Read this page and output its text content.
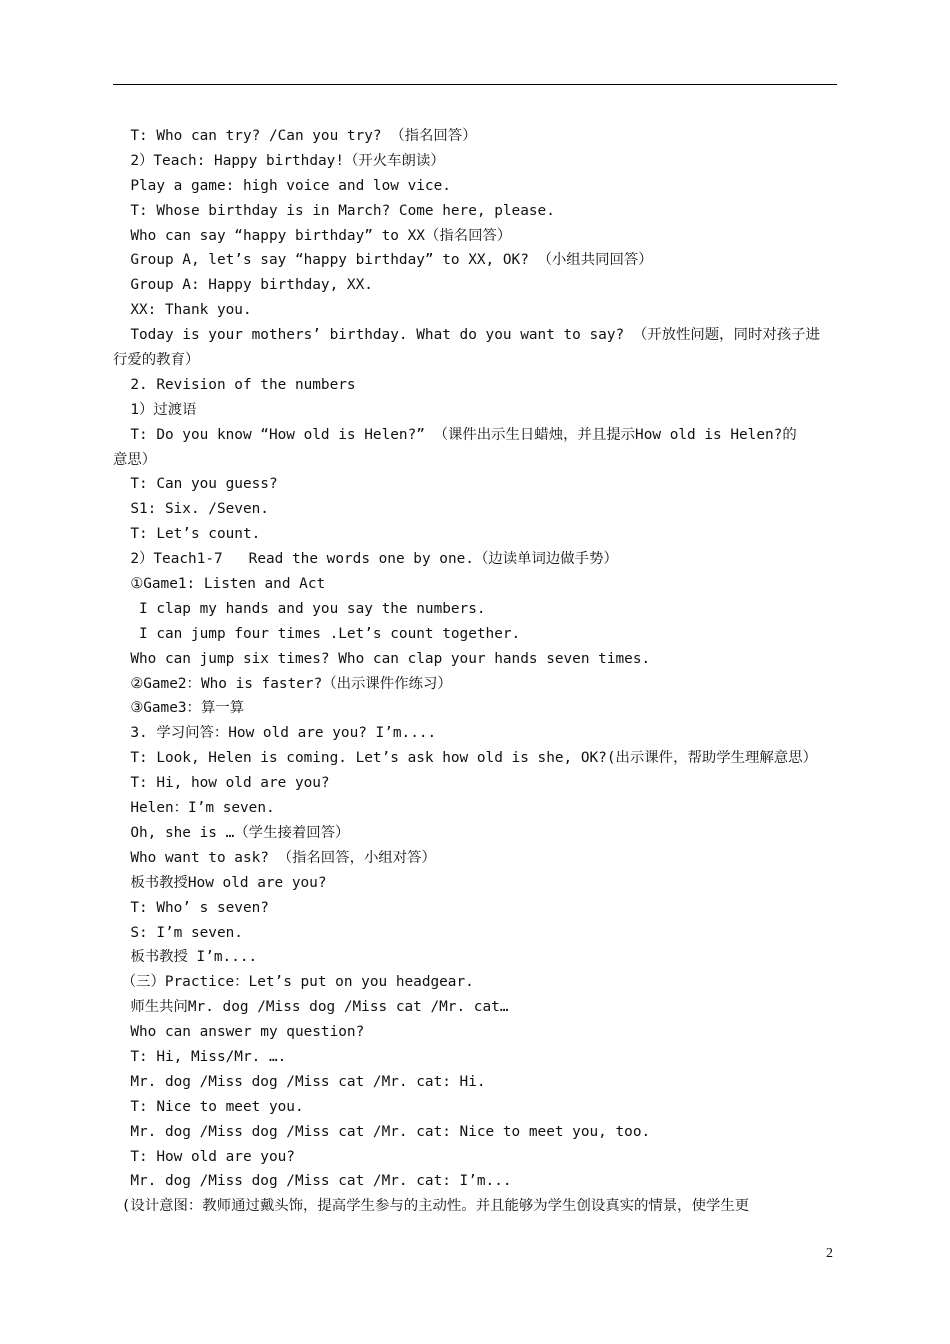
T: Who can try? /Can you try? （指名回答）
2）Teach: Happy birthday!（开火车朗读）
Play a game: high voice and low vice.
T: Whose birthday is in March? Come here, please.
Who can say “happy birthday” to XX（指名回答）
Group A, let’s say “happy birthday” to XX, OK? （小组共同回答）
Group A: Happy birthday, XX.
XX: Thank you.
Today is your mothers’ birthday. What do you want to say? （开放性问题，同时对孩子进
行爱的教育）
2. Revision of the numbers
1）过渡语
T: Do you know “How old is Helen?” （课件出示生日蜡烛，并且提示How old is Helen?的
意思）
T: Can you guess?
S1: Six. /Seven.
T: Let’s count.
2）Teach1-7   Read the words one by one.（边读单词边做手势）
①Game1: Listen and Act
I clap my hands and you say the numbers.
I can jump four times .Let’s count together.
Who can jump six times? Who can clap your hands seven times.
②Game2：Who is faster?（出示课件作练习）
③Game3：算一算
3. 学习问答：How old are you? I’m....
T: Look, Helen is coming. Let’s ask how old is she, OK?(出示课件，帮助学生理解意思）
T: Hi, how old are you?
Helen：I’m seven.
Oh, she is …（学生接着回答）
Who want to ask? （指名回答，小组对答）
板书教授How old are you?
T: Who’ s seven?
S: I’m seven.
板书教授 I’m....
（三）Practice：Let’s put on you headgear.
师生共问Mr. dog /Miss dog /Miss cat /Mr. cat…
Who can answer my question?
T: Hi, Miss/Mr. ….
Mr. dog /Miss dog /Miss cat /Mr. cat: Hi.
T: Nice to meet you.
Mr. dog /Miss dog /Miss cat /Mr. cat: Nice to meet you, too.
T: How old are you?
Mr. dog /Miss dog /Miss cat /Mr. cat: I’m...
(设计意图：教师通过戴头饰，提高学生参与的主动性。并且能够为学生创设真实的情景，使学生更
2
